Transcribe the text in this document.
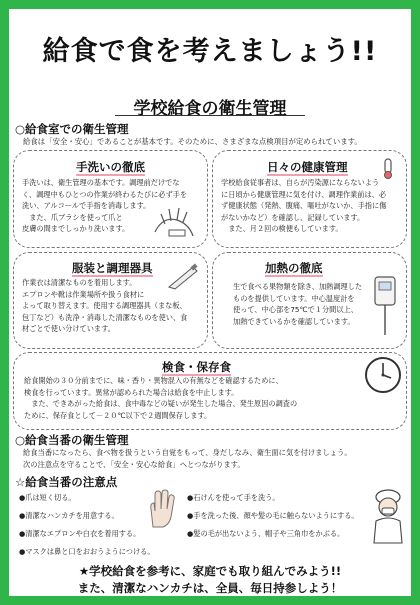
給食で食を考えましょう!!
学校給食の衛生管理
○給食室での衛生管理
給食は「安全・安心」であることが基本です。そのために、さまざまな点検項目が定められています。
手洗いの徹底
手洗いは、衛生管理の基本です。調理前だけでな
く、調理中もひとつの作業が終わるたびに必ず手を
洗い、アルコールで手指を消毒します。
　また、爪ブラシを使って爪と
皮膚の間までしっかり洗います。
日々の健康管理
学校給食従事者は、自らが汚染源にならないよう
に日頃から健康管理に気を付け、調理作業前は、必
ず健康状態（発熱、腹痛、嘔吐がないか、手指に傷
がないかなど）を確認し、記録しています。
　また、月２回の検便もしています。
服装と調理器具
作業衣は清潔なものを着用します。
エプロンや靴は作業場所や扱う食材に
よって取り替えます。使用する調理器具（まな板、
包丁など）も洗浄・消毒した清潔なものを使い、食
材ごとで使い分けています。
加熱の徹底
生で食べる果物類を除き、加熱調理した
ものを提供しています。中心温度計を
使って、中心部を75℃で１分間以上、
加熱できているかを確認しています。
検食・保存食
給食開始の３０分前までに、味・香り・異物混入の有無などを確認するために、
検食を行っています。異常が認められた場合は給食を中止します。
　また、できあがった給食は、食中毒などの疑いが発生した場合、発生原因の調査の
ために、保存食として－２０℃以下で２週間保存します。
○給食当番の衛生管理
給食当番になったら、食べ物を扱うという自覚をもって、身だしなみ、衛生面に気を付けましょう。
次の注意点を守ることで、「安全・安心な給食」へとつながります。
☆給食当番の注意点
●爪は短く切る。
●清潔なハンカチを用意する。
●清潔なエプロンや白衣を着用する。
●マスクは鼻と口をおおうようにつける。
●石けんを使って手を洗う。
●手を洗った後、顔や髪の毛に触らないようにする。
●髪の毛が出ないよう、帽子や三角巾をかぶる。
★学校給食を参考に、家庭でも取り組んでみよう!!
また、清潔なハンカチは、全員、毎日持参しよう！
